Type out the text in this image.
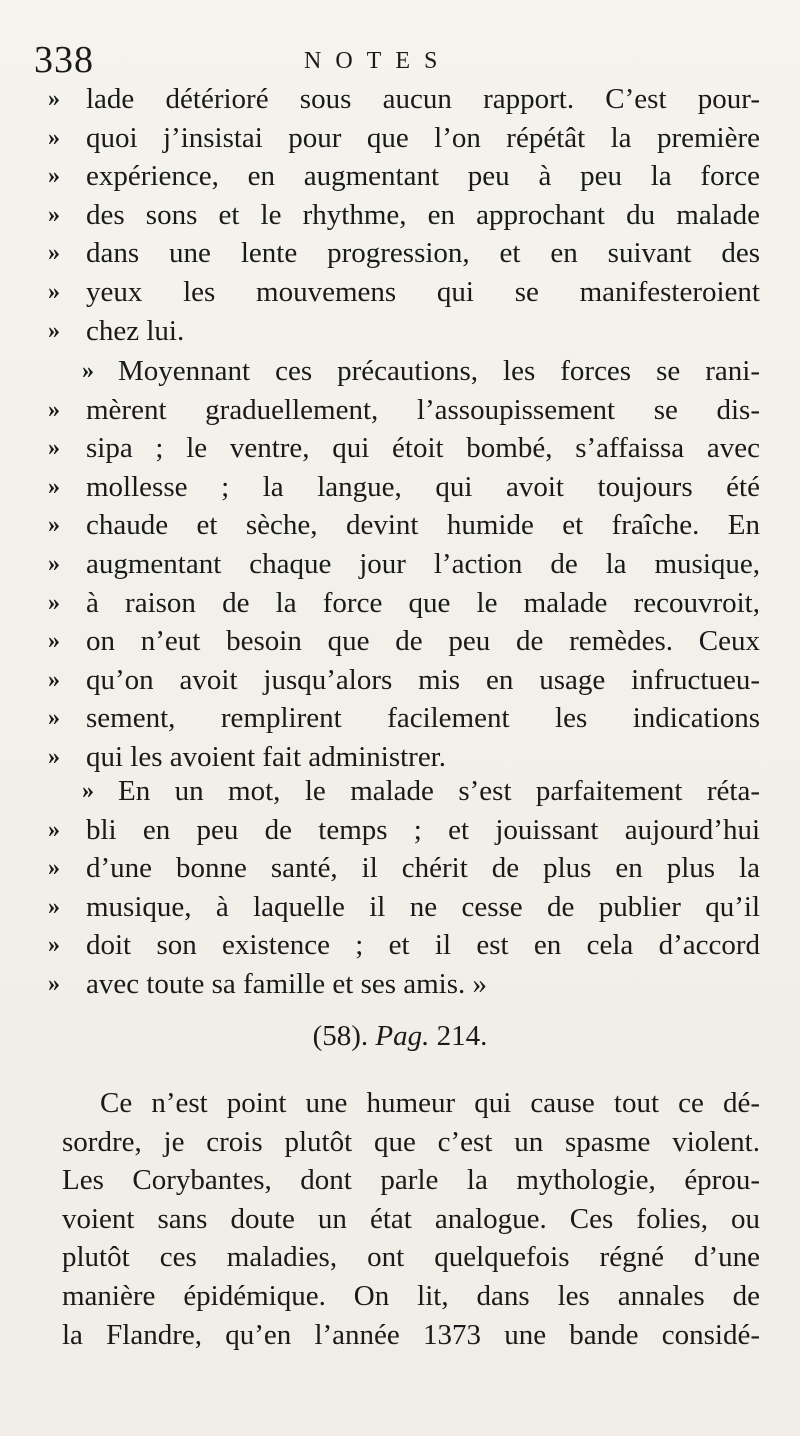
338	NOTES
» lade détérioré sous aucun rapport. C’est pour-
» quoi j’insistai pour que l’on répétât la première
» expérience, en augmentant peu à peu la force
» des sons et le rhythme, en approchant du malade
» dans une lente progression, et en suivant des
» yeux les mouvemens qui se manifesteroient
» chez lui.
» Moyennant ces précautions, les forces se rani-
» mèrent graduellement, l’assoupissement se dis-
» sipa ; le ventre, qui étoit bombé, s’affaissa avec
» mollesse ; la langue, qui avoit toujours été
» chaude et sèche, devint humide et fraîche. En
» augmentant chaque jour l’action de la musique,
» à raison de la force que le malade recouvroit,
» on n’eut besoin que de peu de remèdes. Ceux
» qu’on avoit jusqu’alors mis en usage infructueu-
» sement, remplirent facilement les indications
» qui les avoient fait administrer.
» En un mot, le malade s’est parfaitement réta-
» bli en peu de temps ; et jouissant aujourd’hui
» d’une bonne santé, il chérit de plus en plus la
» musique, à laquelle il ne cesse de publier qu’il
» doit son existence ; et il est en cela d’accord
» avec toute sa famille et ses amis. »
(58). Pag. 214.
Ce n’est point une humeur qui cause tout ce dé-
sordre, je crois plutôt que c’est un spasme violent.
Les Corybantes, dont parle la mythologie, éprou-
voient sans doute un état analogue. Ces folies, ou
plutôt ces maladies, ont quelquefois régné d’une
manière épidémique. On lit, dans les annales de
la Flandre, qu’en l’année 1373 une bande considé-
